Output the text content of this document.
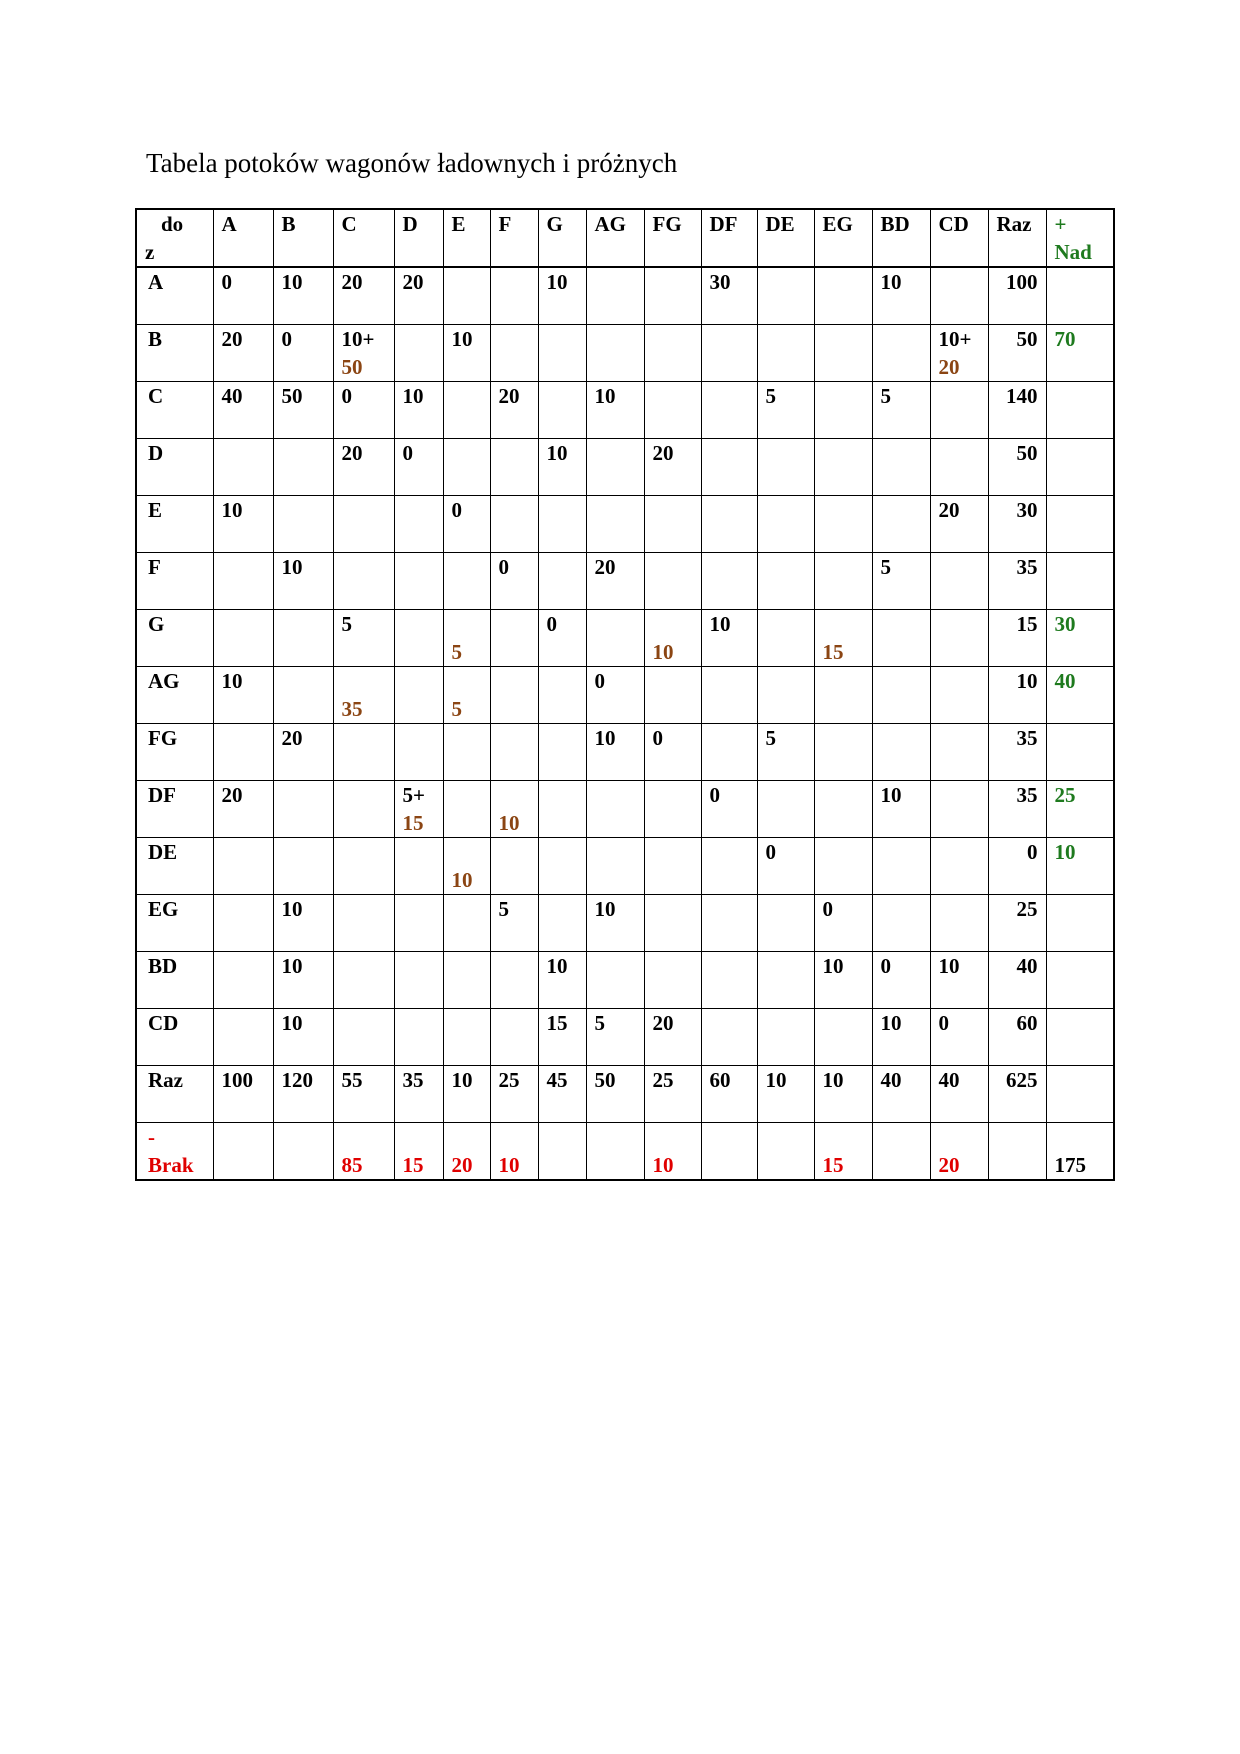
Tabela potoków wagonów ładownych i próżnych
do
z	A	B	C	D	E	F	G	AG	FG	DF	DE	EG	BD	CD	Raz	+ Nad
A	0	10	20	20			10			30			10		100	

B	20	0	10+
50		10									10+
20	50	70

C	40	50	0	10		20		10			5		5		140	

D			20	0			10		20						50	

E	10				0									20	30	

F		10				0		20					5		35	

G			5		5		0		10	10		15			15	30

AG	10		35		5			0							10	40

FG		20						10	0		5				35	

DF	20			5+
15		10				0			10		35	25

DE					10						0				0	10

EG		10				5		10				0			25	

BD		10					10					10	0	10	40	

CD		10					15	5	20				10	0	60	

Raz	100	120	55	35	10	25	45	50	25	60	10	10	40	40	625	

-
Brak			85	15	20	10			10			15		20		175
